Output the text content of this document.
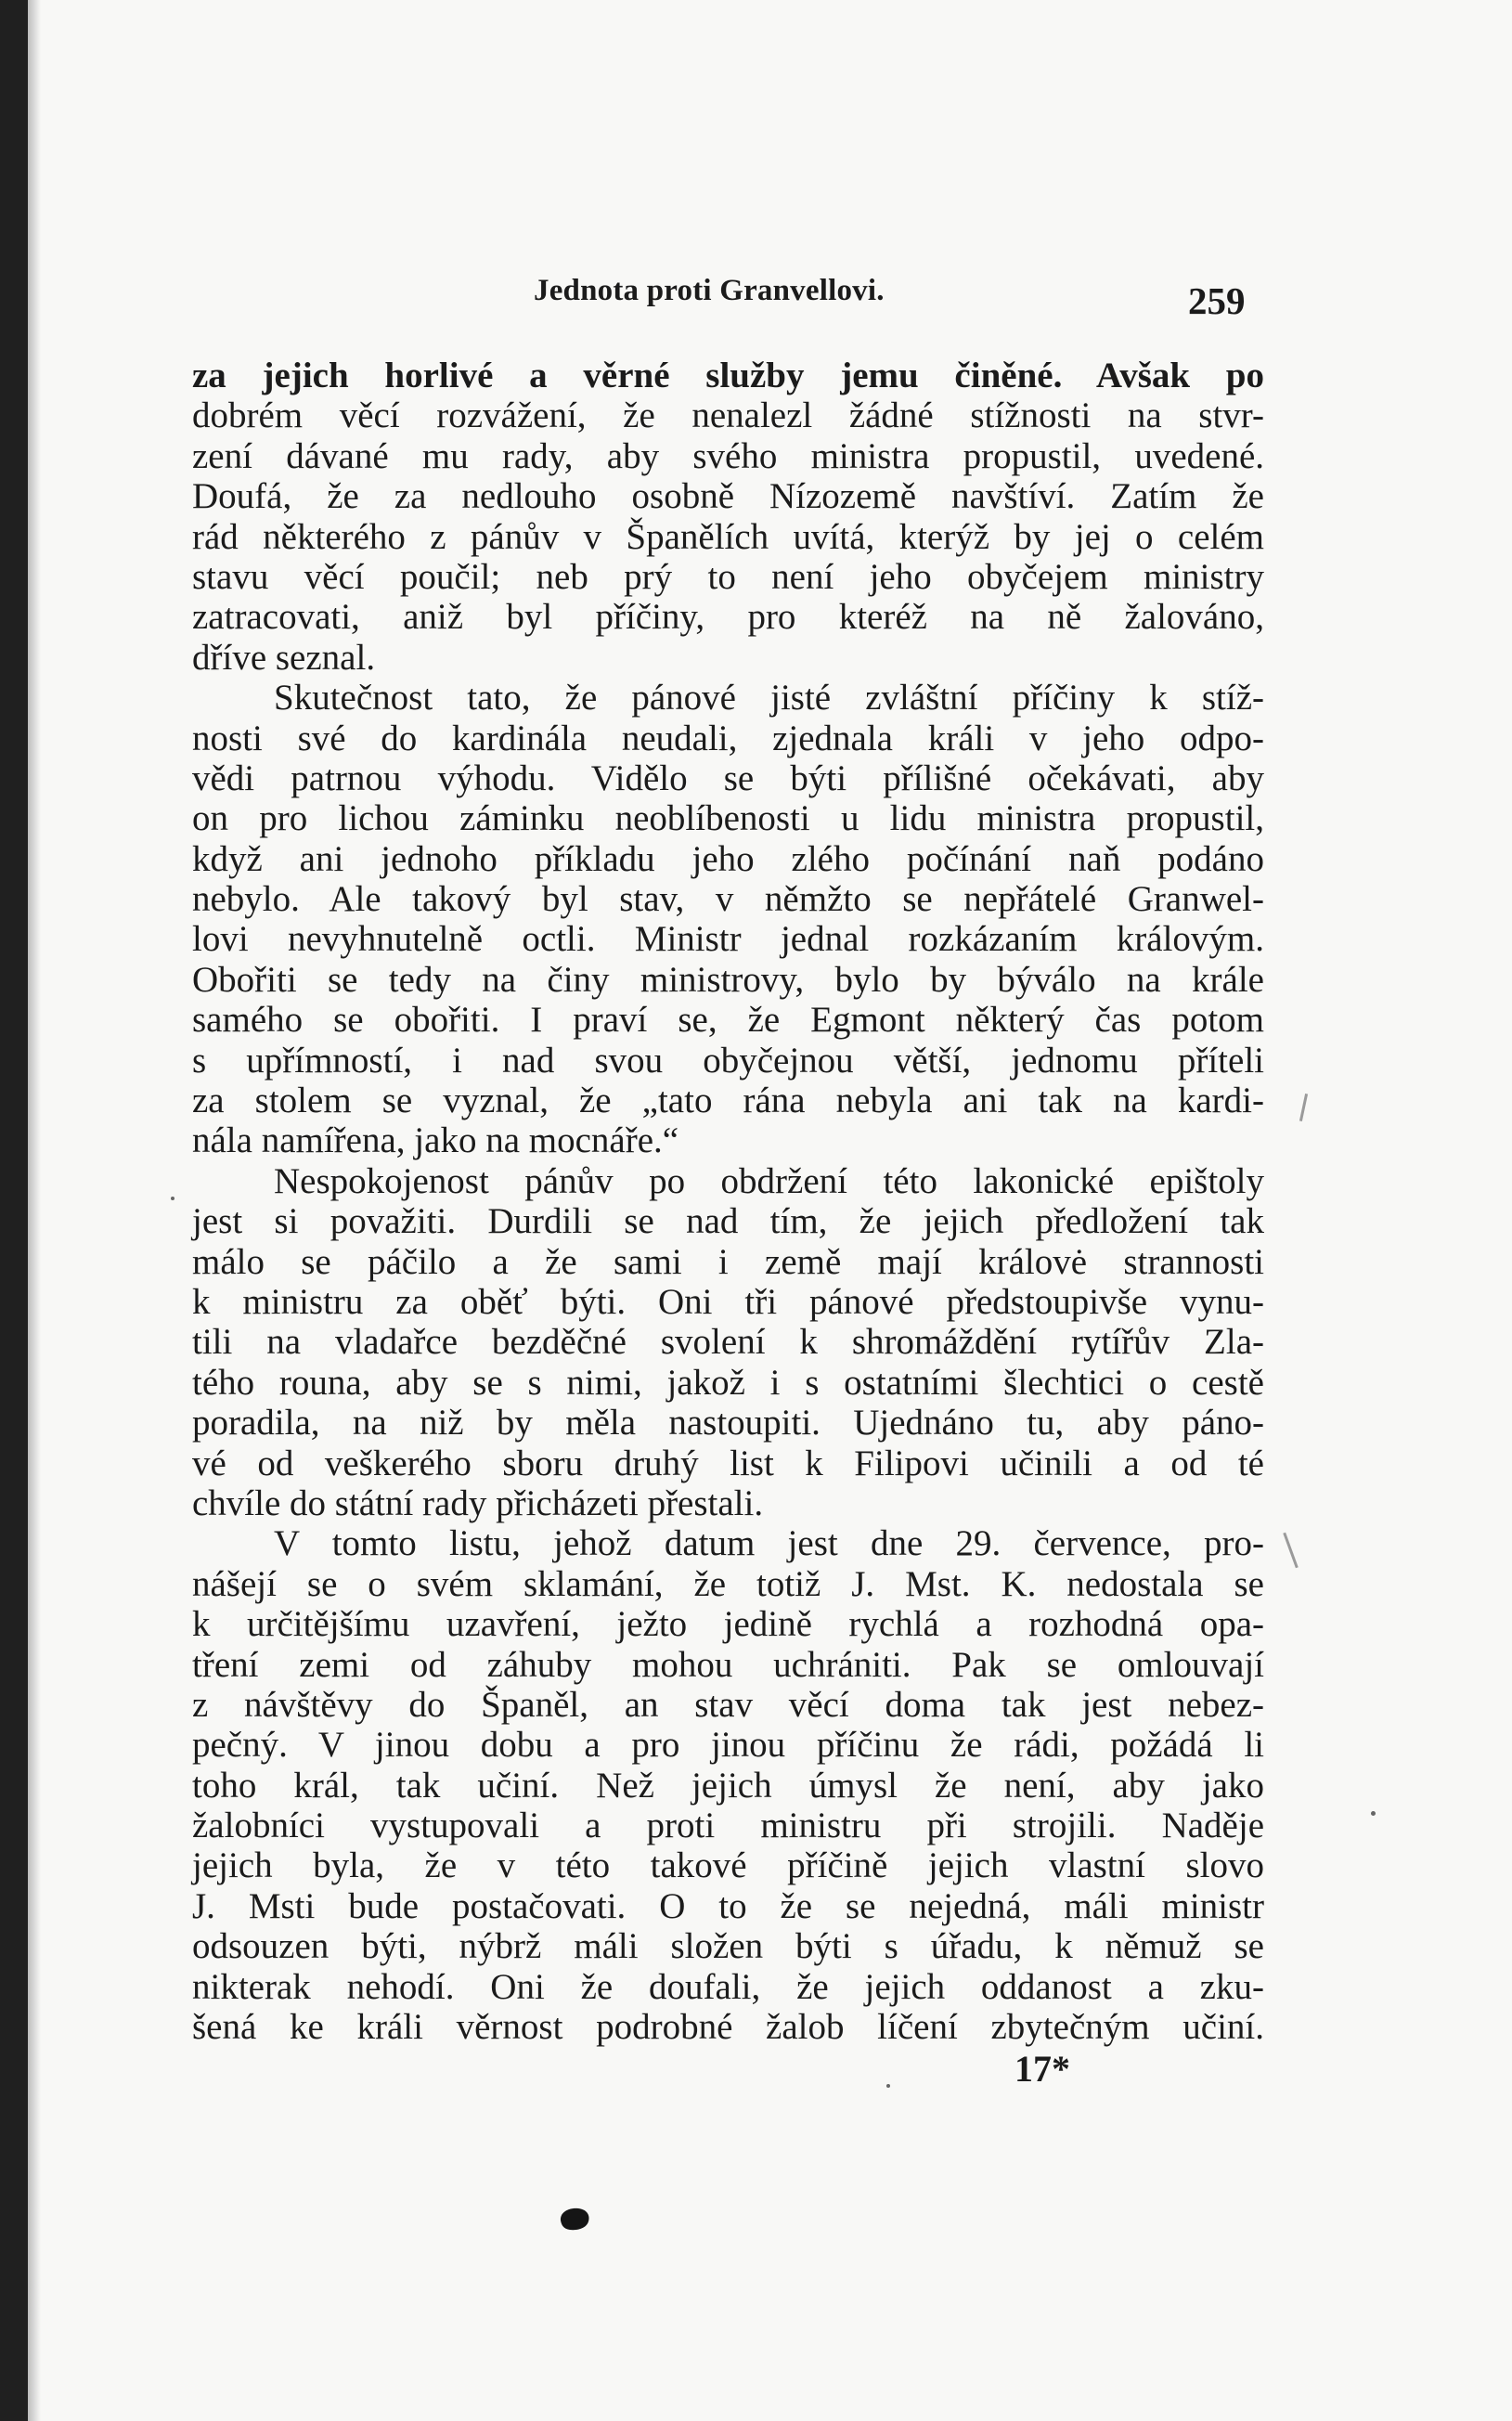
Jednota proti Granvellovi.	259
za jejich horlivé a věrné služby jemu činěné. Avšak po
dobrém věcí rozvážení, že nenalezl žádné stížnosti na stvr-
zení dávané mu rady, aby svého ministra propustil, uvedené.
Doufá, že za nedlouho osobně Nízozemě navštíví. Zatím že
rád některého z pánův v Španělích uvítá, kterýž by jej o celém
stavu věcí poučil; neb prý to není jeho obyčejem ministry
zatracovati, aniž byl příčiny, pro kteréž na ně žalováno,
dříve seznal.
Skutečnost tato, že pánové jisté zvláštní příčiny k stíž-
nosti své do kardinála neudali, zjednala králi v jeho odpo-
vědi patrnou výhodu. Vidělo se býti přílišné očekávati, aby
on pro lichou záminku neoblíbenosti u lidu ministra propustil,
když ani jednoho příkladu jeho zlého počínání naň podáno
nebylo. Ale takový byl stav, v němžto se nepřátelé Granwel-
lovi nevyhnutelně octli. Ministr jednal rozkázaním královým.
Obořiti se tedy na činy ministrovy, bylo by býválo na krále
samého se obořiti. I praví se, že Egmont některý čas potom
s upřímností, i nad svou obyčejnou větší, jednomu příteli
za stolem se vyznal, že „tato rána nebyla ani tak na kardi-
nála namířena, jako na mocnáře.“
Nespokojenost pánův po obdržení této lakonické epištoly
jest si považiti. Durdili se nad tím, že jejich předložení tak
málo se páčilo a že sami i země mají královė strannosti
k ministru za oběť býti. Oni tři pánové předstoupivše vynu-
tili na vladařce bezděčné svolení k shromáždění rytířův Zla-
tého rouna, aby se s nimi, jakož i s ostatními šlechtici o cestě
poradila, na niž by měla nastoupiti. Ujednáno tu, aby páno-
vé od veškerého sboru druhý list k Filipovi učinili a od té
chvíle do státní rady přicházeti přestali.
V tomto listu, jehož datum jest dne 29. července, pro-
nášejí se o svém sklamání, že totiž J. Mst. K. nedostala se
k určitějšímu uzavření, ježto jedině rychlá a rozhodná opa-
tření zemi od záhuby mohou uchrániti. Pak se omlouvají
z návštěvy do Španěl, an stav věcí doma tak jest nebez-
pečný. V jinou dobu a pro jinou příčinu že rádi, požádá li
toho král, tak učiní. Než jejich úmysl že není, aby jako
žalobníci vystupovali a proti ministru při strojili. Naděje
jejich byla, že v této takové příčině jejich vlastní slovo
J. Msti bude postačovati. O to že se nejedná, máli ministr
odsouzen býti, nýbrž máli složen býti s úřadu, k němuž se
nikterak nehodí. Oni že doufali, že jejich oddanost a zku-
šená ke králi věrnost podrobné žalob líčení zbytečným učiní.
17*
